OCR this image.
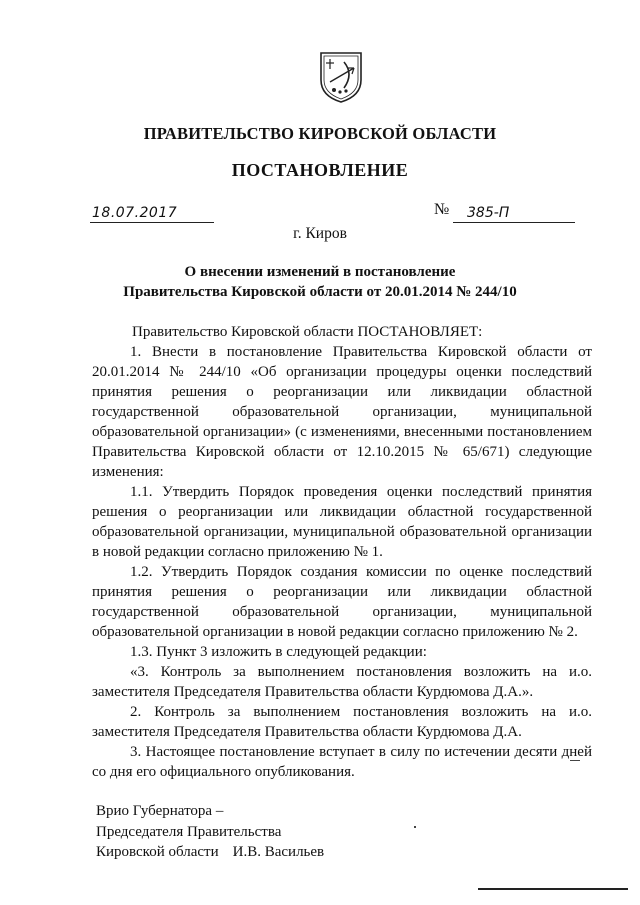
ПРАВИТЕЛЬСТВО КИРОВСКОЙ ОБЛАСТИ
ПОСТАНОВЛЕНИЕ
18.07.2017	№ 385-П
г. Киров
О внесении изменений в постановление
Правительства Кировской области от 20.01.2014 № 244/10

Правительство Кировской области ПОСТАНОВЛЯЕТ:

1. Внести в постановление Правительства Кировской области от 20.01.2014 № 244/10 «Об организации процедуры оценки последствий принятия решения о реорганизации или ликвидации областной государственной образовательной организации, муниципальной образовательной организации» (с изменениями, внесенными постановлением Правительства Кировской области от 12.10.2015 № 65/671) следующие изменения:

1.1. Утвердить Порядок проведения оценки последствий принятия решения о реорганизации или ликвидации областной государственной образовательной организации, муниципальной образовательной организации в новой редакции согласно приложению № 1.

1.2. Утвердить Порядок создания комиссии по оценке последствий принятия решения о реорганизации или ликвидации областной государственной образовательной организации, муниципальной образовательной организации в новой редакции согласно приложению № 2.

1.3. Пункт 3 изложить в следующей редакции:

«3. Контроль за выполнением постановления возложить на и.о. заместителя Председателя Правительства области Курдюмова Д.А.».

2. Контроль за выполнением постановления возложить на и.о. заместителя Председателя Правительства области Курдюмова Д.А.

3. Настоящее постановление вступает в силу по истечении десяти дней со дня его официального опубликования.

Врио Губернатора –
Председателя Правительства
Кировской области И.В. Васильев
